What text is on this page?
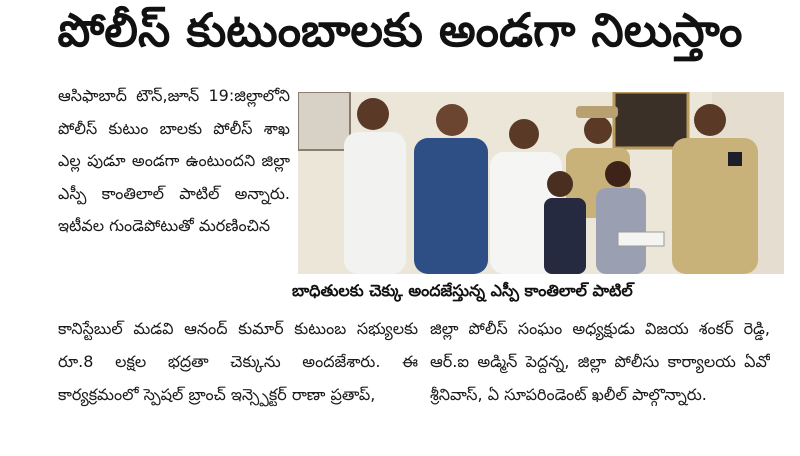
పోలీస్ కుటుంబాలకు అండగా నిలుస్తాం
ఆసిఫాబాద్ టౌన్,జూన్ 19:జిల్లాలోని పోలీస్ కుటుం బాలకు పోలీస్ శాఖ ఎల్ల పుడూ అండగా ఉంటుందని జిల్లా ఎస్పీ కాంతిలాల్ పాటిల్ అన్నారు. ఇటీవల గుండెపోటుతో మరణించిన
బాధితులకు చెక్కు అందజేస్తున్న ఎస్పీ కాంతిలాల్ పాటిల్
కానిస్టేబుల్ మడవి ఆనంద్ కుమార్ కుటుంబ సభ్యులకు రూ.8 లక్షల భద్రతా చెక్కును అందజేశారు. ఈ కార్యక్రమంలో స్పెషల్ బ్రాంచ్ ఇన్స్పెక్టర్ రాణా ప్రతాప్,
జిల్లా పోలీస్ సంఘం అధ్యక్షుడు విజయ శంకర్ రెడ్డి, ఆర్.ఐ అడ్మిన్ పెద్దన్న, జిల్లా పోలీసు కార్యాలయ ఏవో శ్రీనివాస్, ఏ సూపరిండెంట్ ఖలీల్ పాల్గొన్నారు.
